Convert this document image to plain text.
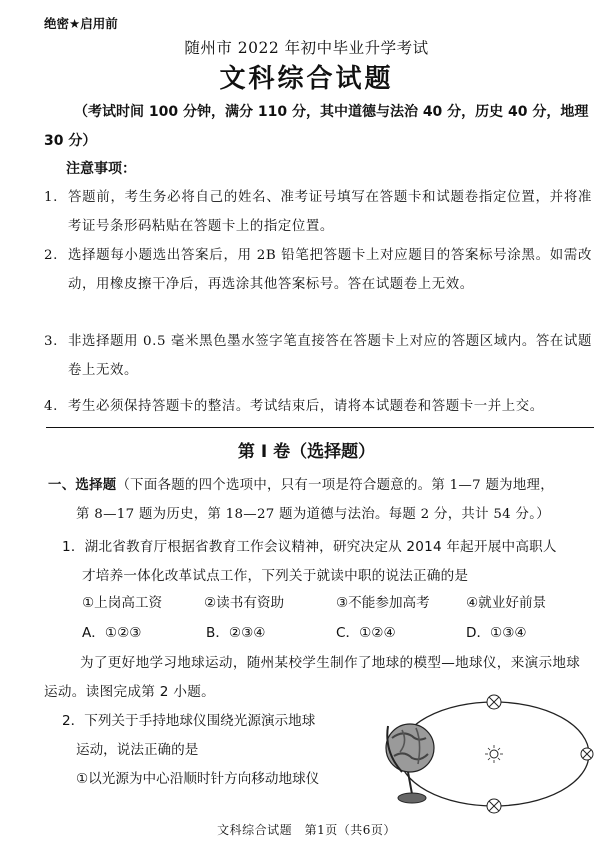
绝密★启用前
随州市 2022 年初中毕业升学考试
文科综合试题
（考试时间 100 分钟，满分 110 分，其中道德与法治 40 分，历史 40 分，地理 30 分）
注意事项：
1. 答题前，考生务必将自己的姓名、准考证号填写在答题卡和试题卷指定位置，并将准考证号条形码粘贴在答题卡上的指定位置。
2. 选择题每小题选出答案后，用 2B 铅笔把答题卡上对应题目的答案标号涂黑。如需改动，用橡皮擦干净后，再选涂其他答案标号。答在试题卷上无效。
3. 非选择题用 0.5 毫米黑色墨水签字笔直接答在答题卡上对应的答题区域内。答在试题卷上无效。
4. 考生必须保持答题卡的整洁。考试结束后，请将本试题卷和答题卡一并上交。
第 I 卷（选择题）
一、选择题（下面各题的四个选项中，只有一项是符合题意的。第 1—7 题为地理，
第 8—17 题为历史，第 18—27 题为道德与法治。每题 2 分，共计 54 分。）
1．湖北省教育厅根据省教育工作会议精神，研究决定从 2014 年起开展中高职人
才培养一体化改革试点工作，下列关于就读中职的说法正确的是
①上岗高工资	②读书有资助	③不能参加高考	④就业好前景
A．①②③	B．②③④	C．①②④	D．①③④
为了更好地学习地球运动，随州某校学生制作了地球的模型—地球仪，来演示地球运动。读图完成第 2 小题。
2．下列关于手持地球仪围绕光源演示地球
运动，说法正确的是
①以光源为中心沿顺时针方向移动地球仪
文科综合试题　第1页（共6页）
